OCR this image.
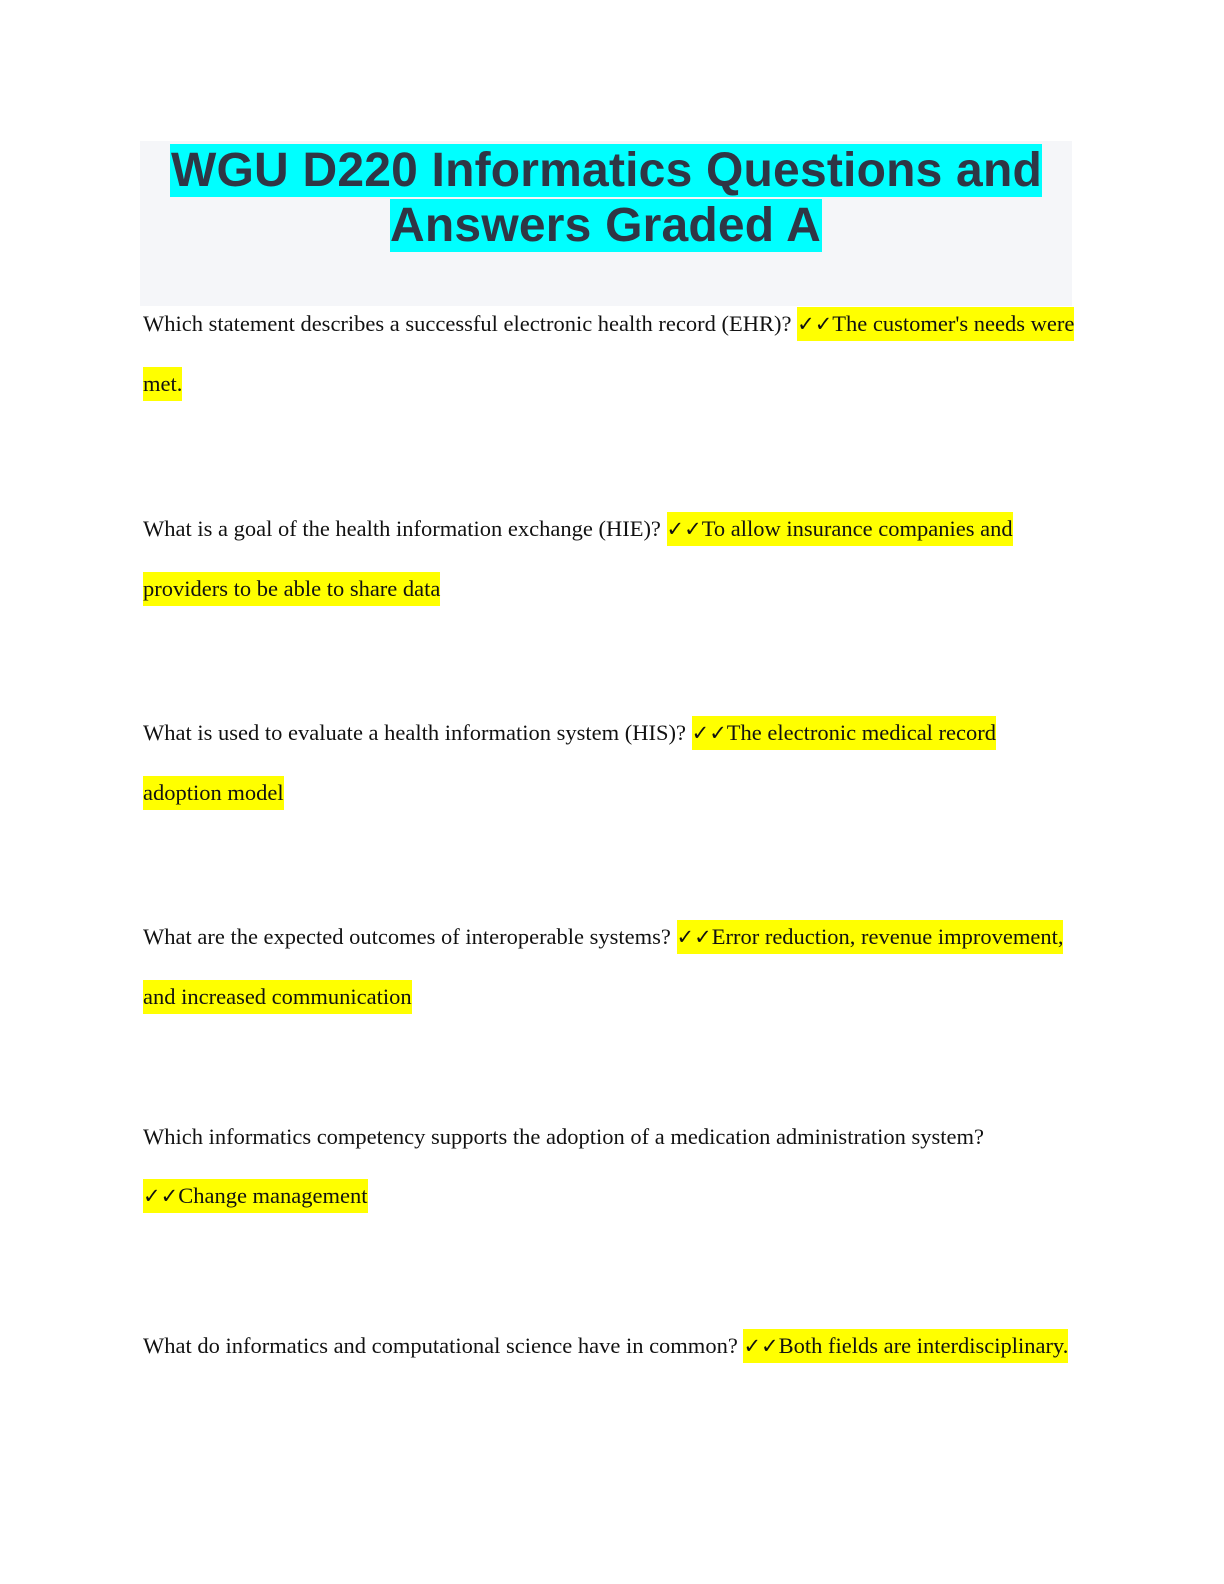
WGU D220 Informatics Questions and Answers Graded A

Which statement describes a successful electronic health record (EHR)? ✓✓The customer's needs were met.

What is a goal of the health information exchange (HIE)? ✓✓To allow insurance companies and providers to be able to share data

What is used to evaluate a health information system (HIS)? ✓✓The electronic medical record adoption model

What are the expected outcomes of interoperable systems? ✓✓Error reduction, revenue improvement, and increased communication

Which informatics competency supports the adoption of a medication administration system? ✓✓Change management

What do informatics and computational science have in common? ✓✓Both fields are interdisciplinary.
